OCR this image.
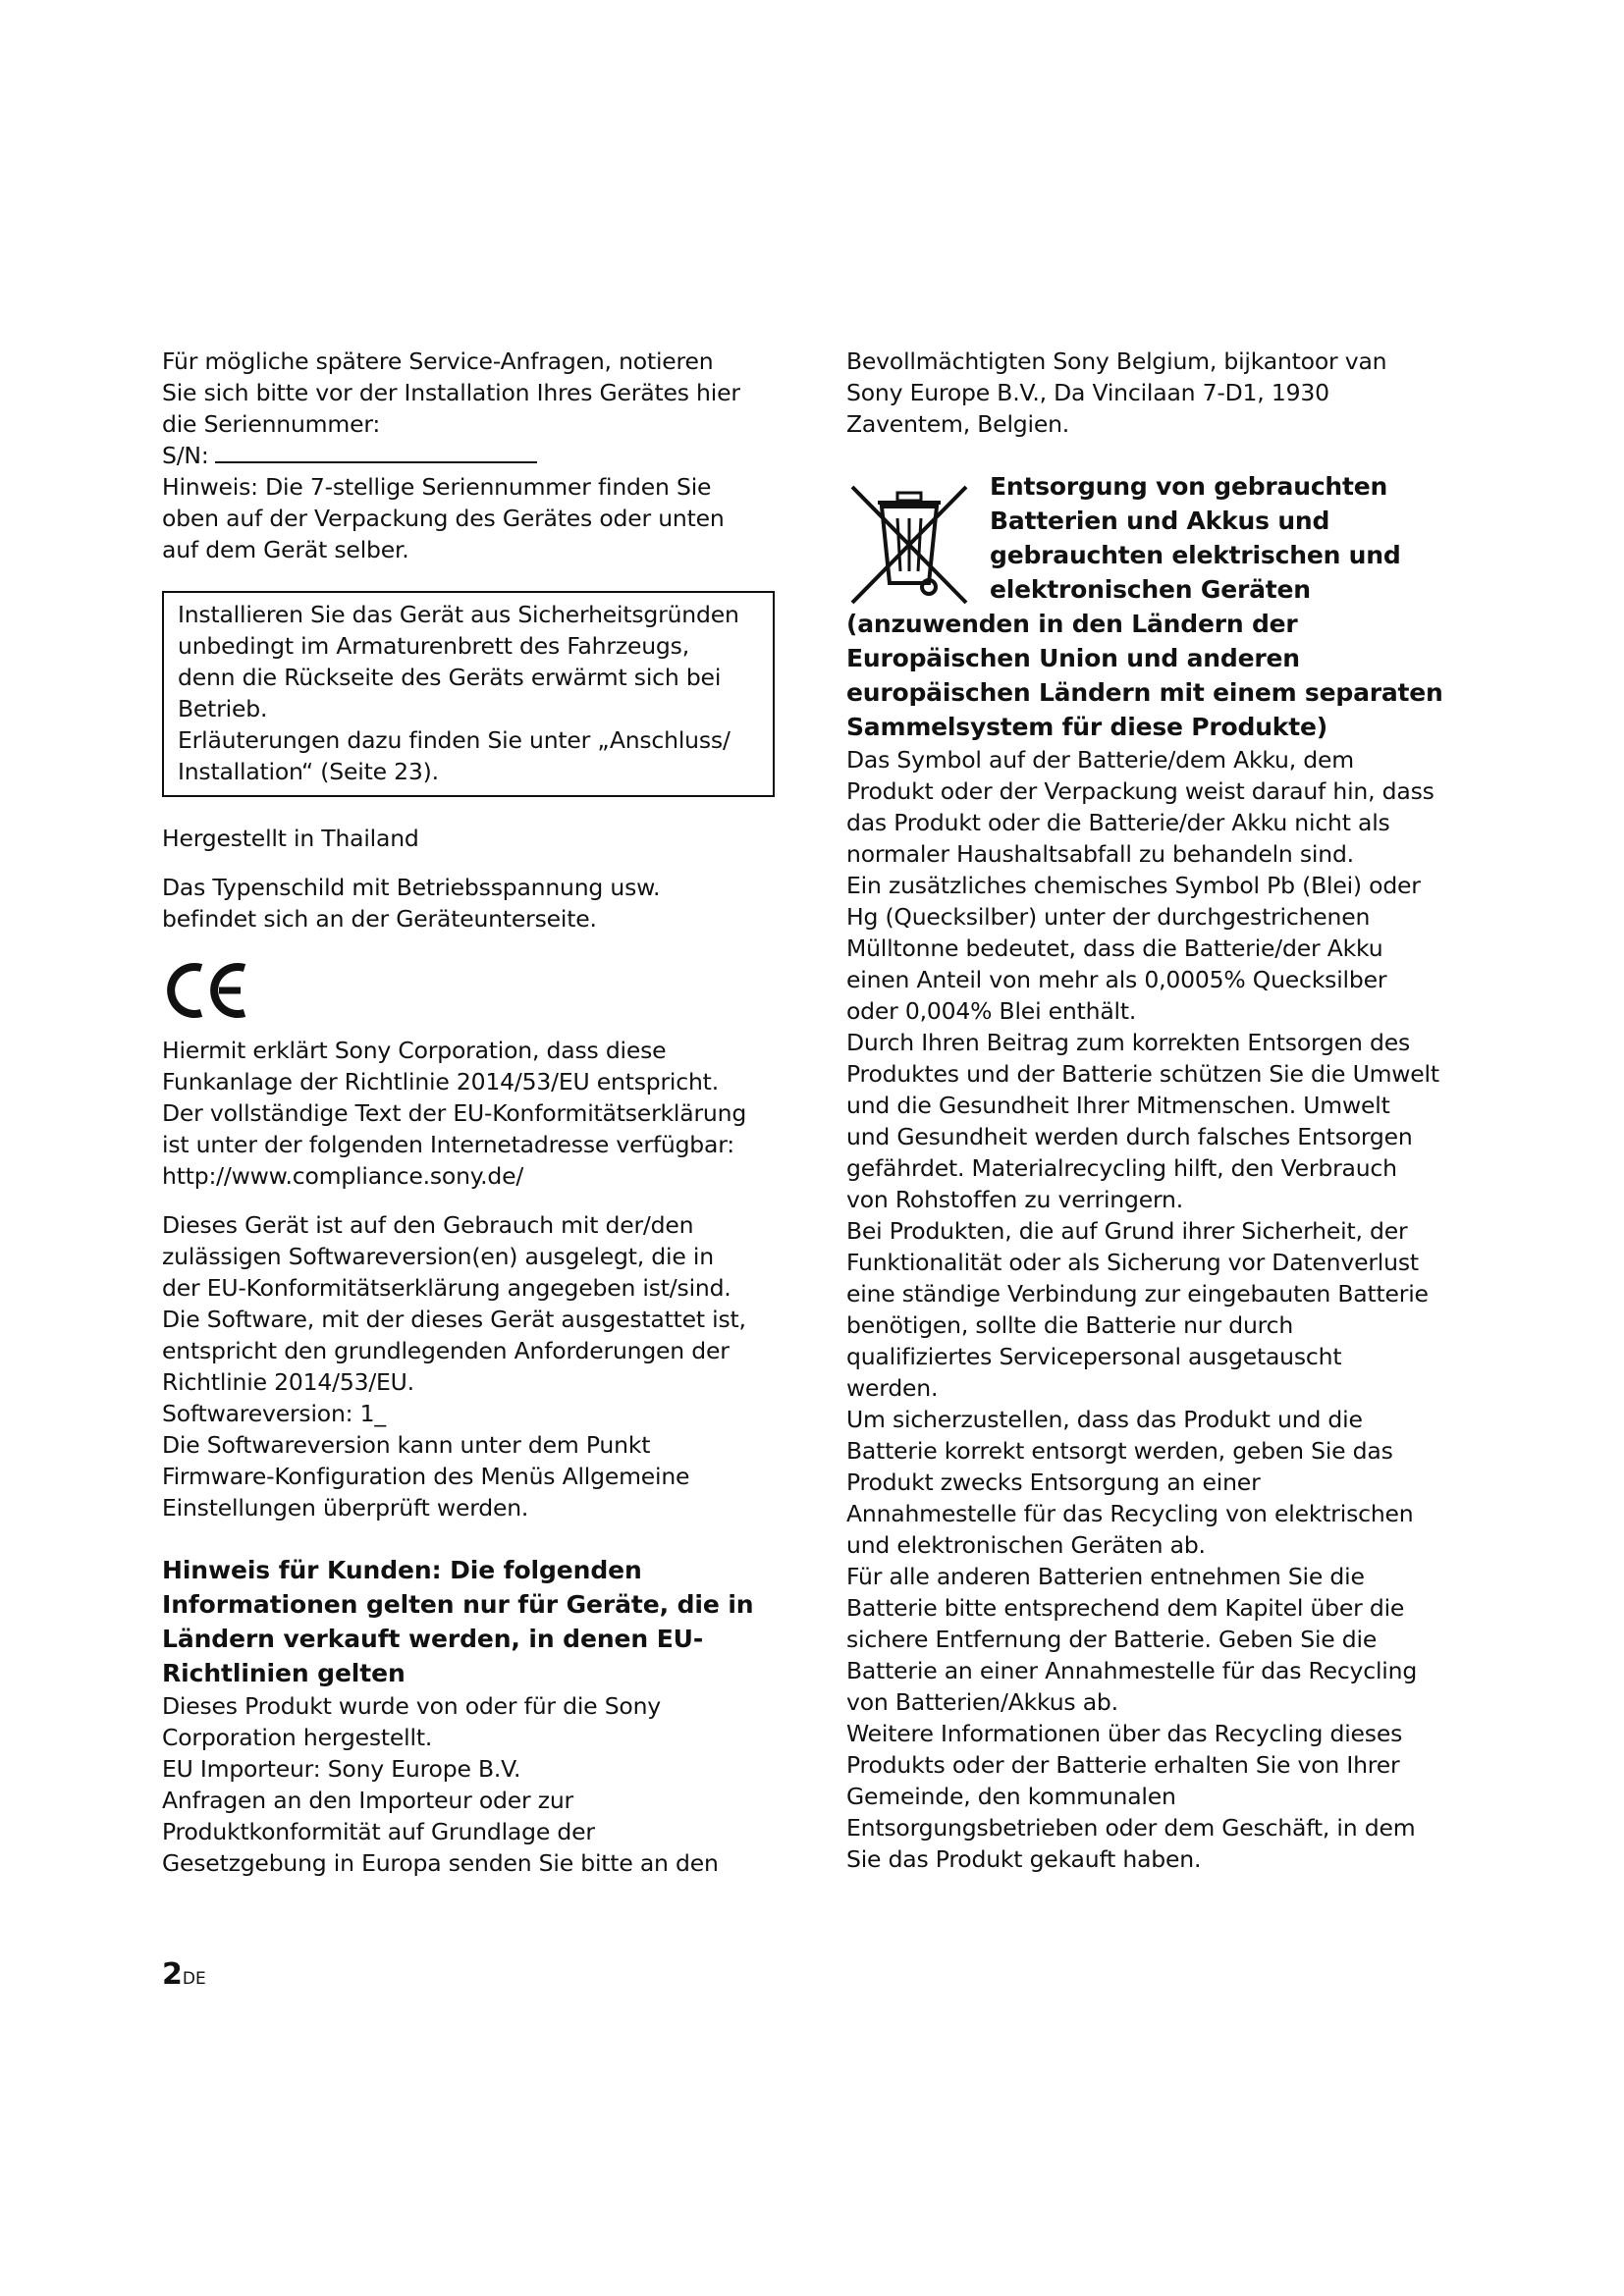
Für mögliche spätere Service-Anfragen, notieren

Sie sich bitte vor der Installation Ihres Gerätes hier

die Seriennummer:

S/N:

Hinweis: Die 7-stellige Seriennummer finden Sie

oben auf der Verpackung des Gerätes oder unten

auf dem Gerät selber.

Installieren Sie das Gerät aus Sicherheitsgründen

unbedingt im Armaturenbrett des Fahrzeugs,

denn die Rückseite des Geräts erwärmt sich bei

Betrieb.

Erläuterungen dazu finden Sie unter „Anschluss/

Installation“ (Seite 23).

Hergestellt in Thailand

Das Typenschild mit Betriebsspannung usw.

befindet sich an der Geräteunterseite.

Hiermit erklärt Sony Corporation, dass diese

Funkanlage der Richtlinie 2014/53/EU entspricht.

Der vollständige Text der EU-Konformitätserklärung

ist unter der folgenden Internetadresse verfügbar:

http://www.compliance.sony.de/

Dieses Gerät ist auf den Gebrauch mit der/den

zulässigen Softwareversion(en) ausgelegt, die in

der EU-Konformitätserklärung angegeben ist/sind.

Die Software, mit der dieses Gerät ausgestattet ist,

entspricht den grundlegenden Anforderungen der

Richtlinie 2014/53/EU.

Softwareversion: 1_

Die Softwareversion kann unter dem Punkt

Firmware-Konfiguration des Menüs Allgemeine

Einstellungen überprüft werden.

Hinweis für Kunden: Die folgenden
Informationen gelten nur für Geräte, die in
Ländern verkauft werden, in denen EU-
Richtlinien gelten

Dieses Produkt wurde von oder für die Sony

Corporation hergestellt.

EU Importeur: Sony Europe B.V.

Anfragen an den Importeur oder zur

Produktkonformität auf Grundlage der

Gesetzgebung in Europa senden Sie bitte an den

Bevollmächtigten Sony Belgium, bijkantoor van

Sony Europe B.V., Da Vincilaan 7-D1, 1930

Zaventem, Belgien.

Entsorgung von gebrauchten
Batterien und Akkus und
gebrauchten elektrischen und
elektronischen Geräten
(anzuwenden in den Ländern der
Europäischen Union und anderen
europäischen Ländern mit einem separaten
Sammelsystem für diese Produkte)

Das Symbol auf der Batterie/dem Akku, dem

Produkt oder der Verpackung weist darauf hin, dass

das Produkt oder die Batterie/der Akku nicht als

normaler Haushaltsabfall zu behandeln sind.

Ein zusätzliches chemisches Symbol Pb (Blei) oder

Hg (Quecksilber) unter der durchgestrichenen

Mülltonne bedeutet, dass die Batterie/der Akku

einen Anteil von mehr als 0,0005% Quecksilber

oder 0,004% Blei enthält.

Durch Ihren Beitrag zum korrekten Entsorgen des

Produktes und der Batterie schützen Sie die Umwelt

und die Gesundheit Ihrer Mitmenschen. Umwelt

und Gesundheit werden durch falsches Entsorgen

gefährdet. Materialrecycling hilft, den Verbrauch

von Rohstoffen zu verringern.

Bei Produkten, die auf Grund ihrer Sicherheit, der

Funktionalität oder als Sicherung vor Datenverlust

eine ständige Verbindung zur eingebauten Batterie

benötigen, sollte die Batterie nur durch

qualifiziertes Servicepersonal ausgetauscht

werden.

Um sicherzustellen, dass das Produkt und die

Batterie korrekt entsorgt werden, geben Sie das

Produkt zwecks Entsorgung an einer

Annahmestelle für das Recycling von elektrischen

und elektronischen Geräten ab.

Für alle anderen Batterien entnehmen Sie die

Batterie bitte entsprechend dem Kapitel über die

sichere Entfernung der Batterie. Geben Sie die

Batterie an einer Annahmestelle für das Recycling

von Batterien/Akkus ab.

Weitere Informationen über das Recycling dieses

Produkts oder der Batterie erhalten Sie von Ihrer

Gemeinde, den kommunalen

Entsorgungsbetrieben oder dem Geschäft, in dem

Sie das Produkt gekauft haben.

2DE
